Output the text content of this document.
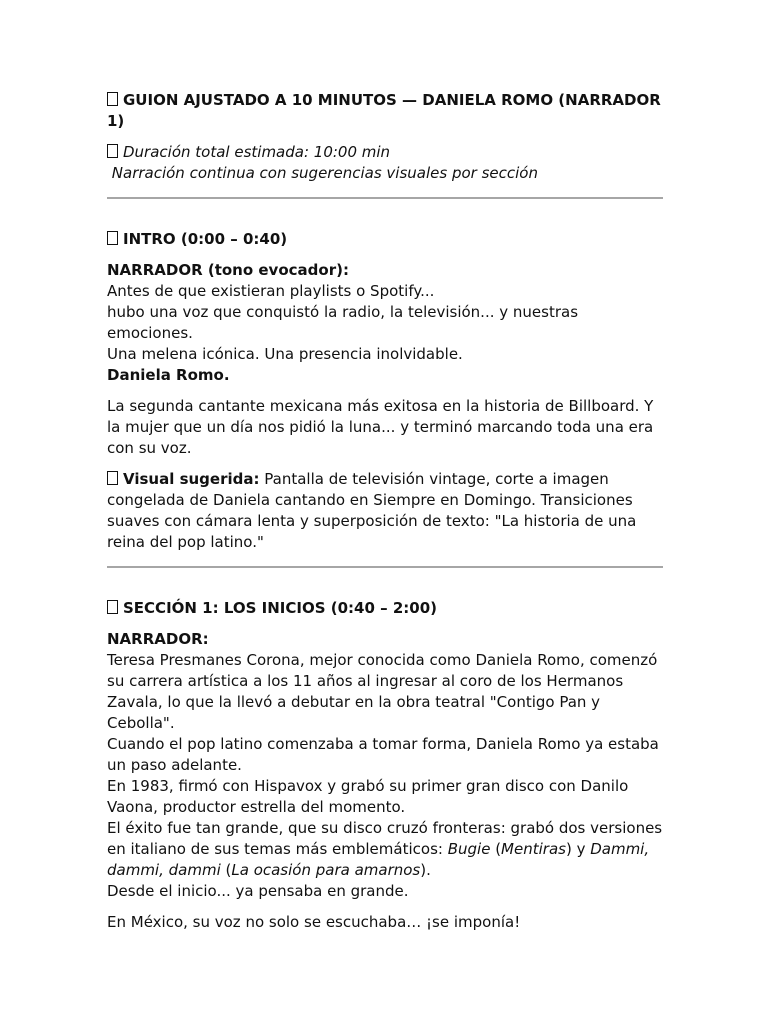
GUION AJUSTADO A 10 MINUTOS — DANIELA ROMO (NARRADOR 1)

Duración total estimada: 10:00 min

Narración continua con sugerencias visuales por sección

INTRO (0:00 – 0:40)

NARRADOR (tono evocador):

Antes de que existieran playlists o Spotify...

hubo una voz que conquistó la radio, la televisión... y nuestras emociones.

Una melena icónica. Una presencia inolvidable.

Daniela Romo.

La segunda cantante mexicana más exitosa en la historia de Billboard. Y la mujer que un día nos pidió la luna... y terminó marcando toda una era con su voz.

Visual sugerida: Pantalla de televisión vintage, corte a imagen congelada de Daniela cantando en Siempre en Domingo. Transiciones suaves con cámara lenta y superposición de texto: "La historia de una reina del pop latino."

SECCIÓN 1: LOS INICIOS (0:40 – 2:00)

NARRADOR:

Teresa Presmanes Corona, mejor conocida como Daniela Romo, comenzó su carrera artística a los 11 años al ingresar al coro de los Hermanos Zavala, lo que la llevó a debutar en la obra teatral "Contigo Pan y Cebolla".

Cuando el pop latino comenzaba a tomar forma, Daniela Romo ya estaba un paso adelante.

En 1983, firmó con Hispavox y grabó su primer gran disco con Danilo Vaona, productor estrella del momento.

El éxito fue tan grande, que su disco cruzó fronteras: grabó dos versiones en italiano de sus temas más emblemáticos: Bugie (Mentiras) y Dammi, dammi, dammi (La ocasión para amarnos).

Desde el inicio... ya pensaba en grande.

En México, su voz no solo se escuchaba… ¡se imponía!
